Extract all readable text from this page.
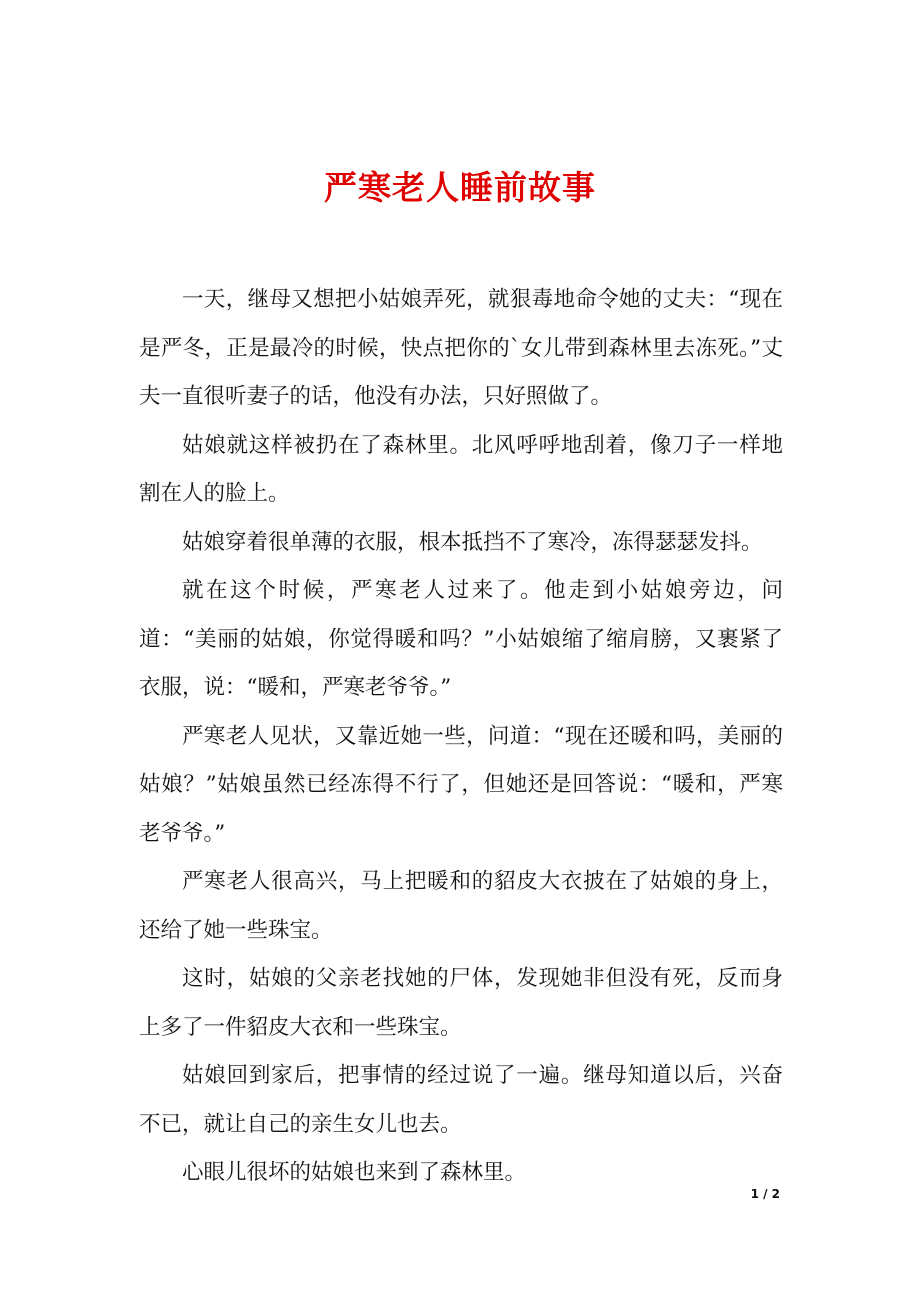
严寒老人睡前故事

一天，继母又想把小姑娘弄死，就狠毒地命令她的丈夫：“现在是严冬，正是最冷的时候，快点把你的`女儿带到森林里去冻死。”丈夫一直很听妻子的话，他没有办法，只好照做了。

姑娘就这样被扔在了森林里。北风呼呼地刮着，像刀子一样地割在人的脸上。

姑娘穿着很单薄的衣服，根本抵挡不了寒冷，冻得瑟瑟发抖。

就在这个时候，严寒老人过来了。他走到小姑娘旁边，问道：“美丽的姑娘，你觉得暖和吗？”小姑娘缩了缩肩膀，又裹紧了衣服，说：“暖和，严寒老爷爷。”

严寒老人见状，又靠近她一些，问道：“现在还暖和吗，美丽的姑娘？”姑娘虽然已经冻得不行了，但她还是回答说：“暖和，严寒老爷爷。”

严寒老人很高兴，马上把暖和的貂皮大衣披在了姑娘的身上，还给了她一些珠宝。

这时，姑娘的父亲老找她的尸体，发现她非但没有死，反而身上多了一件貂皮大衣和一些珠宝。

姑娘回到家后，把事情的经过说了一遍。继母知道以后，兴奋不已，就让自己的亲生女儿也去。

心眼儿很坏的姑娘也来到了森林里。

1 / 2
